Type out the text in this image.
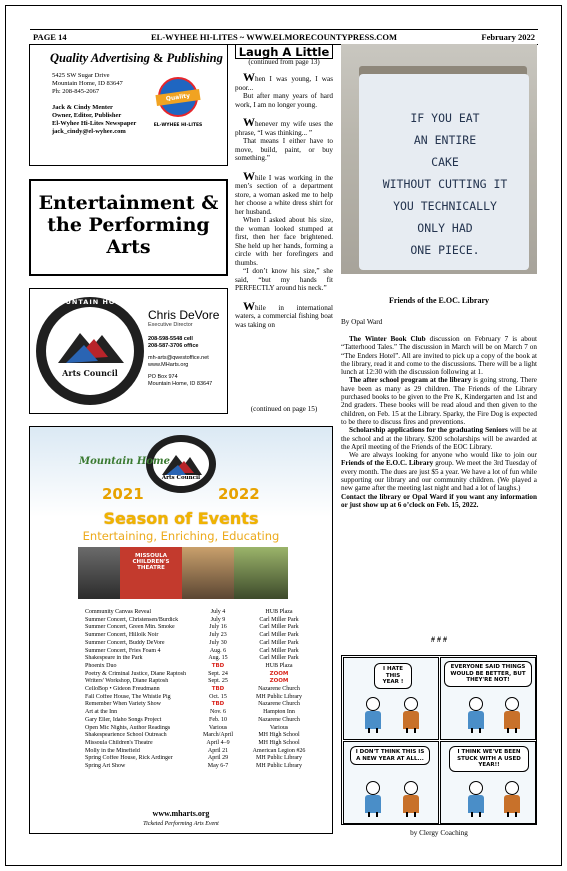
PAGE 14	EL-WYHEE HI-LITES ~ WWW.ELMORECOUNTYPRESS.COM	February 2022
Quality Advertising & Publishing
5425 SW Sugar Drive
Mountain Home, ID 83647
Ph: 208-845-2067
Jack & Cindy Menter
Owner, Editor, Publisher
El-Wyhee Hi-Lites Newspaper
jack_cindy@el-wyhee.com
Quality
EL-WYHEE HI-LITES
Entertainment &
the Performing
Arts
MOUNTAIN HOME
Arts Council
Chris DeVore
Executive Director
208-598-5548 cell
208-587-3706 office
mh-arts@qwestoffice.net
www.MHarts.org
PO Box 974
Mountain Home, ID 83647
Laugh A Little
(continued from page 13)

When I was young, I was poor...

But after many years of hard work, I am no longer young.

Whenever my wife uses the phrase, “I was thinking... ”

That means I either have to move, build, paint, or buy something.”

While I was working in the men’s section of a department store, a woman asked me to help her choose a white dress shirt for her husband.

When I asked about his size, the woman looked stumped at first, then her face brightened. She held up her hands, forming a circle with her forefingers and thumbs.

“I don’t know his size,” she said, “but my hands fit PERFECTLY around his neck.”

While in international waters, a commercial fishing boat was taking on

(continued on page 15)
IF YOU EAT
AN ENTIRE
CAKE
WITHOUT CUTTING IT
YOU TECHNICALLY
ONLY HAD
ONE PIECE.
Friends of the E.OC. Library
By Opal Ward

The Winter Book Club discussion on February 7 is about “Tatterhood Tales.” The discussion in March will be on March 7 on “The Enders Hotel”. All are invited to pick up a copy of the book at the library, read it and come to the discussions. There will be a light lunch at 12:30 with the discussion following at 1.

The after school program at the library is going strong. There have been as many as 29 children. The Friends of the Library purchased books to be given to the Pre K, Kindergarten and 1st and 2nd graders. These books will be read aloud and then given to the children, on Feb. 15 at the Library. Sparky, the Fire Dog is expected to be there to discuss fires and preventions.

Scholarship applications for the graduating Seniors will be at the school and at the library. $200 scholarships will be awarded at the April meeting of the Friends of the EOC Library.

We are always looking for anyone who would like to join our Friends of the E.O.C. Library group. We meet the 3rd Tuesday of every month. The dues are just $5 a year. We have a lot of fun while supporting our library and our community children. (We played a new game after the meeting last night and had a lot of laughs.)

Contact the library or Opal Ward if you want any information or just show up at 6 o’clock on Feb. 15, 2022.

# # #
I HATE THIS YEAR !
EVERYONE SAID THINGS WOULD BE BETTER, BUT THEY'RE NOT!
I DON'T THINK THIS IS A NEW YEAR AT ALL...
I THINK WE'VE BEEN STUCK WITH A USED YEAR!!
by Clergy Coaching
Arts Council
Mountain Home
2021	2022
Season of Events
Entertaining, Enriching, Educating
MISSOULA CHILDREN'S THEATRE
Community Canvas Reveal	July 4	HUB Plaza
Summer Concert, Christensen/Burdick	July 9	Carl Miller Park
Summer Concert, Green Mtn. Smoke	July 16	Carl Miller Park
Summer Concert, Hillolk Noir	July 23	Carl Miller Park
Summer Concert, Buddy DeVore	July 30	Carl Miller Park
Summer Concert, Fries Foam 4	Aug. 6	Carl Miller Park
Shakespeare in the Park	Aug. 15	Carl Miller Park
Phoenix Duo	TBD	HUB Plaza
Poetry & Criminal Justice, Diane Raptosh	Sept. 24	ZOOM
Writers' Workshop, Diane Raptosh	Sept. 25	ZOOM
CelloBop • Gideon Freudmann	TBD	Nazarene Church
Fall Coffee House, The Whistle Pig	Oct. 15	MH Public Library
Remember When Variety Show	TBD	Nazarene Church
Art at the Inn	Nov. 6	Hampton Inn
Gary Eller, Idaho Songs Project	Feb. 10	Nazarene Church
Open Mic Nights, Author Readings	Various	Various
Shakespearience School Outreach	March/April	MH High School
Missoula Children's Theatre	April 4–9	MH High School
Molly in the Minefield	April 21	American Legion #26
Spring Coffee House, Rick Ardinger	April 29	MH Public Library
Spring Art Show	May 6-7	MH Public Library
www.mharts.org
Ticketed Performing Arts Event
